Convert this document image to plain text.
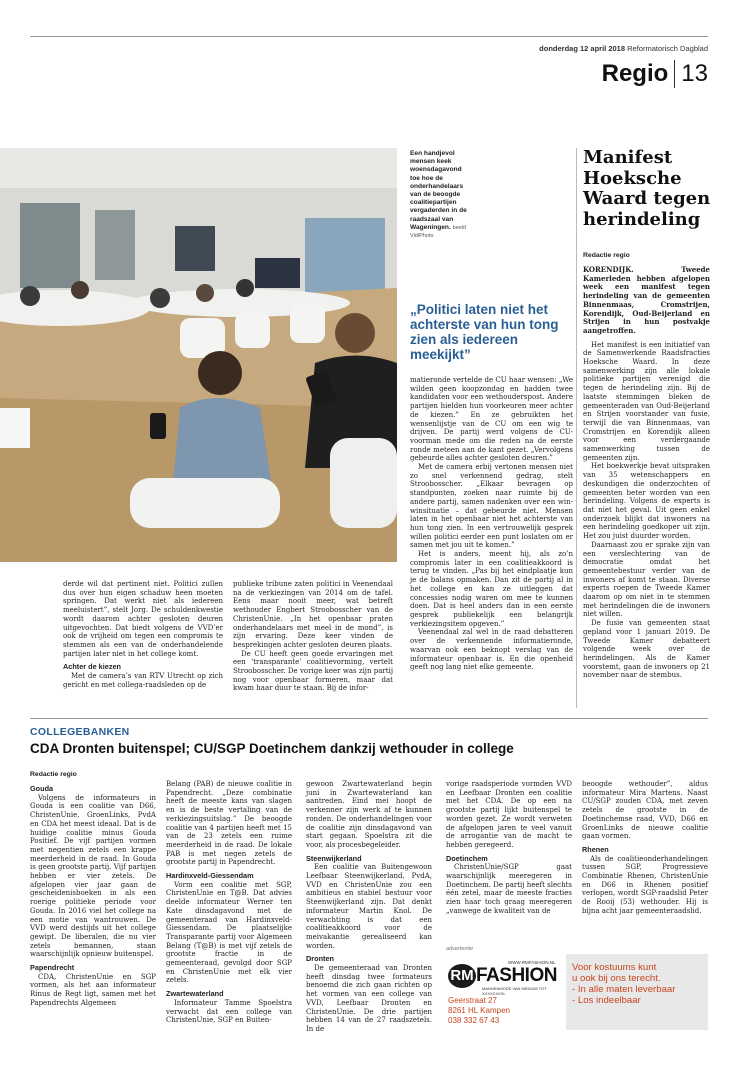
donderdag 12 april 2018 Reformatorisch Dagblad
Regio 13
Een handjevol mensen keek woensdagavond toe hoe de onderhandelaars van de beoogde coalitiepartijen vergaderden in de raadszaal van Wageningen. beeld VidiPhoto
„Politici laten niet het achterste van hun tong zien als iedereen meekijkt”

derde wil dat pertinent niet. Politici zullen dus over hun eigen schaduw heen moeten springen. Dat werkt niet als iedereen meeluistert”, stelt Jorg. De schuldenkwestie wordt daarom achter gesloten deuren uitgevochten. Dat biedt volgens de VVD’er ook de vrijheid om tegen een compromis te stemmen als een van de onderhandelende partijen later niet in het college komt.

Achter de kiezen

Met de camera’s van RTV Utrecht op zich gericht en met collega-raadsleden op de

publieke tribune zaten politici in Veenendaal na de verkiezingen van 2014 om de tafel. Eens maar nooit meer, wat betreft wethouder Engbert Stroobosscher van de ChristenUnie. „In het openbaar praten onderhandelaars met meel in de mond”, is zijn ervaring. Deze keer vinden de besprekingen achter gesloten deuren plaats.

De CU heeft geen goede ervaringen met een ‘transparante’ coalitievorming, vertelt Stroobosscher. De vorige keer was zijn partij nog voor openbaar formeren, maar dat kwam haar duur te staan. Bij de infor-

matieronde vertelde de CU haar wensen: „We wilden geen koopzondag en hadden twee kandidaten voor een wethouderspost. Andere partijen hielden hun voorkeuren meer achter de kiezen.” En ze gebruikten het wensenlijstje van de CU om een wig te drijven. De partij werd volgens de CU-voorman mede om die reden na de eerste ronde meteen aan de kant gezet. „Vervolgens gebeurde alles achter gesloten deuren.”

Met de camera erbij vertonen mensen niet zo snel verkennend gedrag, stelt Stroobosscher. „Elkaar bevragen op standpunten, zoeken naar ruimte bij de andere partij, samen nadenken over een win-winsituatie – dat gebeurde niet. Mensen laten in het openbaar niet het achterste van hun tong zien. In een vertrouwelijk gesprek willen politici eerder een punt loslaten om er samen met jou uit te komen.”

Het is anders, meent hij, als zo’n compromis later in een coalitieakkoord is terug te vinden. „Pas bij het eindplaatje kun je de balans opmaken. Dan zit de partij al in het college en kan ze uitleggen dat concessies nodig waren om mee te kunnen doen. Dat is heel anders dan in een eerste gesprek publiekelijk een belangrijk verkiezingsitem opgeven.”

Veenendaal zal wel in de raad debatteren over de verkennende informatieronde, waarvan ook een beknopt verslag van de informateur openbaar is. En die openheid geeft nog lang niet elke gemeente.

Manifest Hoeksche Waard tegen herindeling
Redactie regio

KORENDIJK. Tweede Kamerleden hebben afgelopen week een manifest tegen herindeling van de gemeenten Binnenmaas, Cromstrijen, Korendijk, Oud-Beijerland en Strijen in hun postvakje aangetroffen.

Het manifest is een initiatief van de Samenwerkende Raadsfracties Hoeksche Waard. In deze samenwerking zijn alle lokale politieke partijen verenigd die tegen de herindeling zijn. Bij de laatste stemmingen bleken de gemeenteraden van Oud-Beijerland en Strijen voorstander van fusie, terwijl die van Binnenmaas, van Cromstrijen en Korendijk alleen voor een verdergaande samenwerking tussen de gemeenten zijn.

Het boekwerkje bevat uitspraken van 35 wetenschappers en deskundigen die onderzochten of gemeenten beter worden van een herindeling. Volgens de experts is dat niet het geval. Uit geen enkel onderzoek blijkt dat inwoners na een herindeling goedkoper uit zijn. Het zou juist duurder worden.

Daarnaast zou er sprake zijn van een verslechtering van de democratie omdat het gemeentebestuur verder van de inwoners af komt te staan. Diverse experts roepen de Tweede Kamer daarom op om niet in te stemmen met herindelingen die de inwoners niet willen.

De fusie van gemeenten staat gepland voor 1 januari 2019. De Tweede Kamer debatteert volgende week over de herindelingen. Als de Kamer voorstemt, gaan de inwoners op 21 november naar de stembus.

COLLEGEBANKEN
CDA Dronten buitenspel; CU/SGP Doetinchem dankzij wethouder in college
Redactie regio
Gouda

Volgens de informateurs in Gouda is een coalitie van D66, ChristenUnie, GroenLinks, PvdA en CDA het meest ideaal. Dat is de huidige coalitie minus Gouda Positief. De vijf partijen vormen met negentien zetels een krappe meerderheid in de raad. In Gouda is geen grootste partij. Vijf partijen hebben er vier zetels. De afgelopen vier jaar gaan de gescheidenisboeken in als een roerige politieke periode voor Gouda. In 2016 viel het college na een motie van wantrouwen. De VVD werd destijds uit het college gewipt. De liberalen, die nu vier zetels bemannen, staan waarschijnlijk opnieuw buitenspel.

Papendrecht

CDA, ChristenUnie en SGP vormen, als het aan informateur Rinus de Regt ligt, samen met het Papendrechts Algemeen

Belang (PAB) de nieuwe coalitie in Papendrecht. „Deze combinatie heeft de meeste kans van slagen en is de beste vertaling van de verkiezingsuitslag.” De beoogde coalitie van 4 partijen heeft met 15 van de 23 zetels een ruime meerderheid in de raad. De lokale PAB is met negen zetels de grootste partij in Papendrecht.

Hardinxveld-Giessendam

Vorm een coalitie met SGP, ChristenUnie en T@B. Dat advies deelde informateur Werner ten Kate dinsdagavond met de gemeenteraad van Hardinxveld-Giessendam. De plaatselijke Transparante partij voor Algemeen Belang (T@B) is met vijf zetels de grootste fractie in de gemeenteraad, gevolgd door SGP en ChristenUnie met elk vier zetels.

Zwartewaterland

Informateur Tamme Spoelstra verwacht dat een college van ChristenUnie, SGP en Buiten-

gewoon Zwartewaterland begin juni in Zwartewaterland kan aantreden. Eind mei hoopt de verkenner zijn werk af te kunnen ronden. De onderhandelingen voor de coalitie zijn dinsdagavond van start gegaan. Spoelstra zit die voor, als procesbegeleider.

Steenwijkerland

Een coalitie van Buitengewoon Leefbaar Steenwijkerland, PvdA, VVD en ChristenUnie zou een ambitieus en stabiel bestuur voor Steenwijkerland zijn. Dat denkt informateur Martin Knol. De verwachting is dat een coalitieakkoord voor de meivakantie gerealiseerd kan worden.

Dronten

De gemeenteraad van Dronten heeft dinsdag twee formateurs benoemd die zich gaan richten op het vormen van een college van VVD, Leefbaar Dronten en ChristenUnie. De drie partijen hebben 14 van de 27 raadszetels. In de

vorige raadsperiode vormden VVD en Leefbaar Dronten een coalitie met het CDA. De op een na grootste partij lijkt buitenspel te worden gezet. Ze wordt verweten de afgelopen jaren te veel vanuit de arrogantie van de macht te hebben geregeerd.

Doetinchem

ChristenUnie/SGP gaat waarschijnlijk meeregeren in Doetinchem. De partij heeft slechts één zetel, maar de meeste fracties zien haar toch graag meeregeren „vanwege de kwaliteit van de

beoogde wethouder”, aldus informateur Mira Martens. Naast CU/SGP zouden CDA, met zeven zetels de grootste in de Doetinchemse raad, VVD, D66 en GroenLinks de nieuwe coalitie gaan vormen.

Rhenen

Als de coalitieonderhandelingen tussen SGP, Progressieve Combinatie Rhenen, ChristenUnie en D66 in Rhenen positief verlopen, wordt SGP-raadslid Peter de Rooij (53) wethouder. Hij is bijna acht jaar gemeenteraadslid.

advertentie
WWW.RMFASHION.NL
RM FASHION
MANNENMODE VAN MEDIUM TOT XXXXXXXXL
Geerstraat 27
8261 HL Kampen
038 332 67 43
Voor kostuums kunt
u ook bij ons terecht.
- In alle maten leverbaar
- Los indeelbaar
